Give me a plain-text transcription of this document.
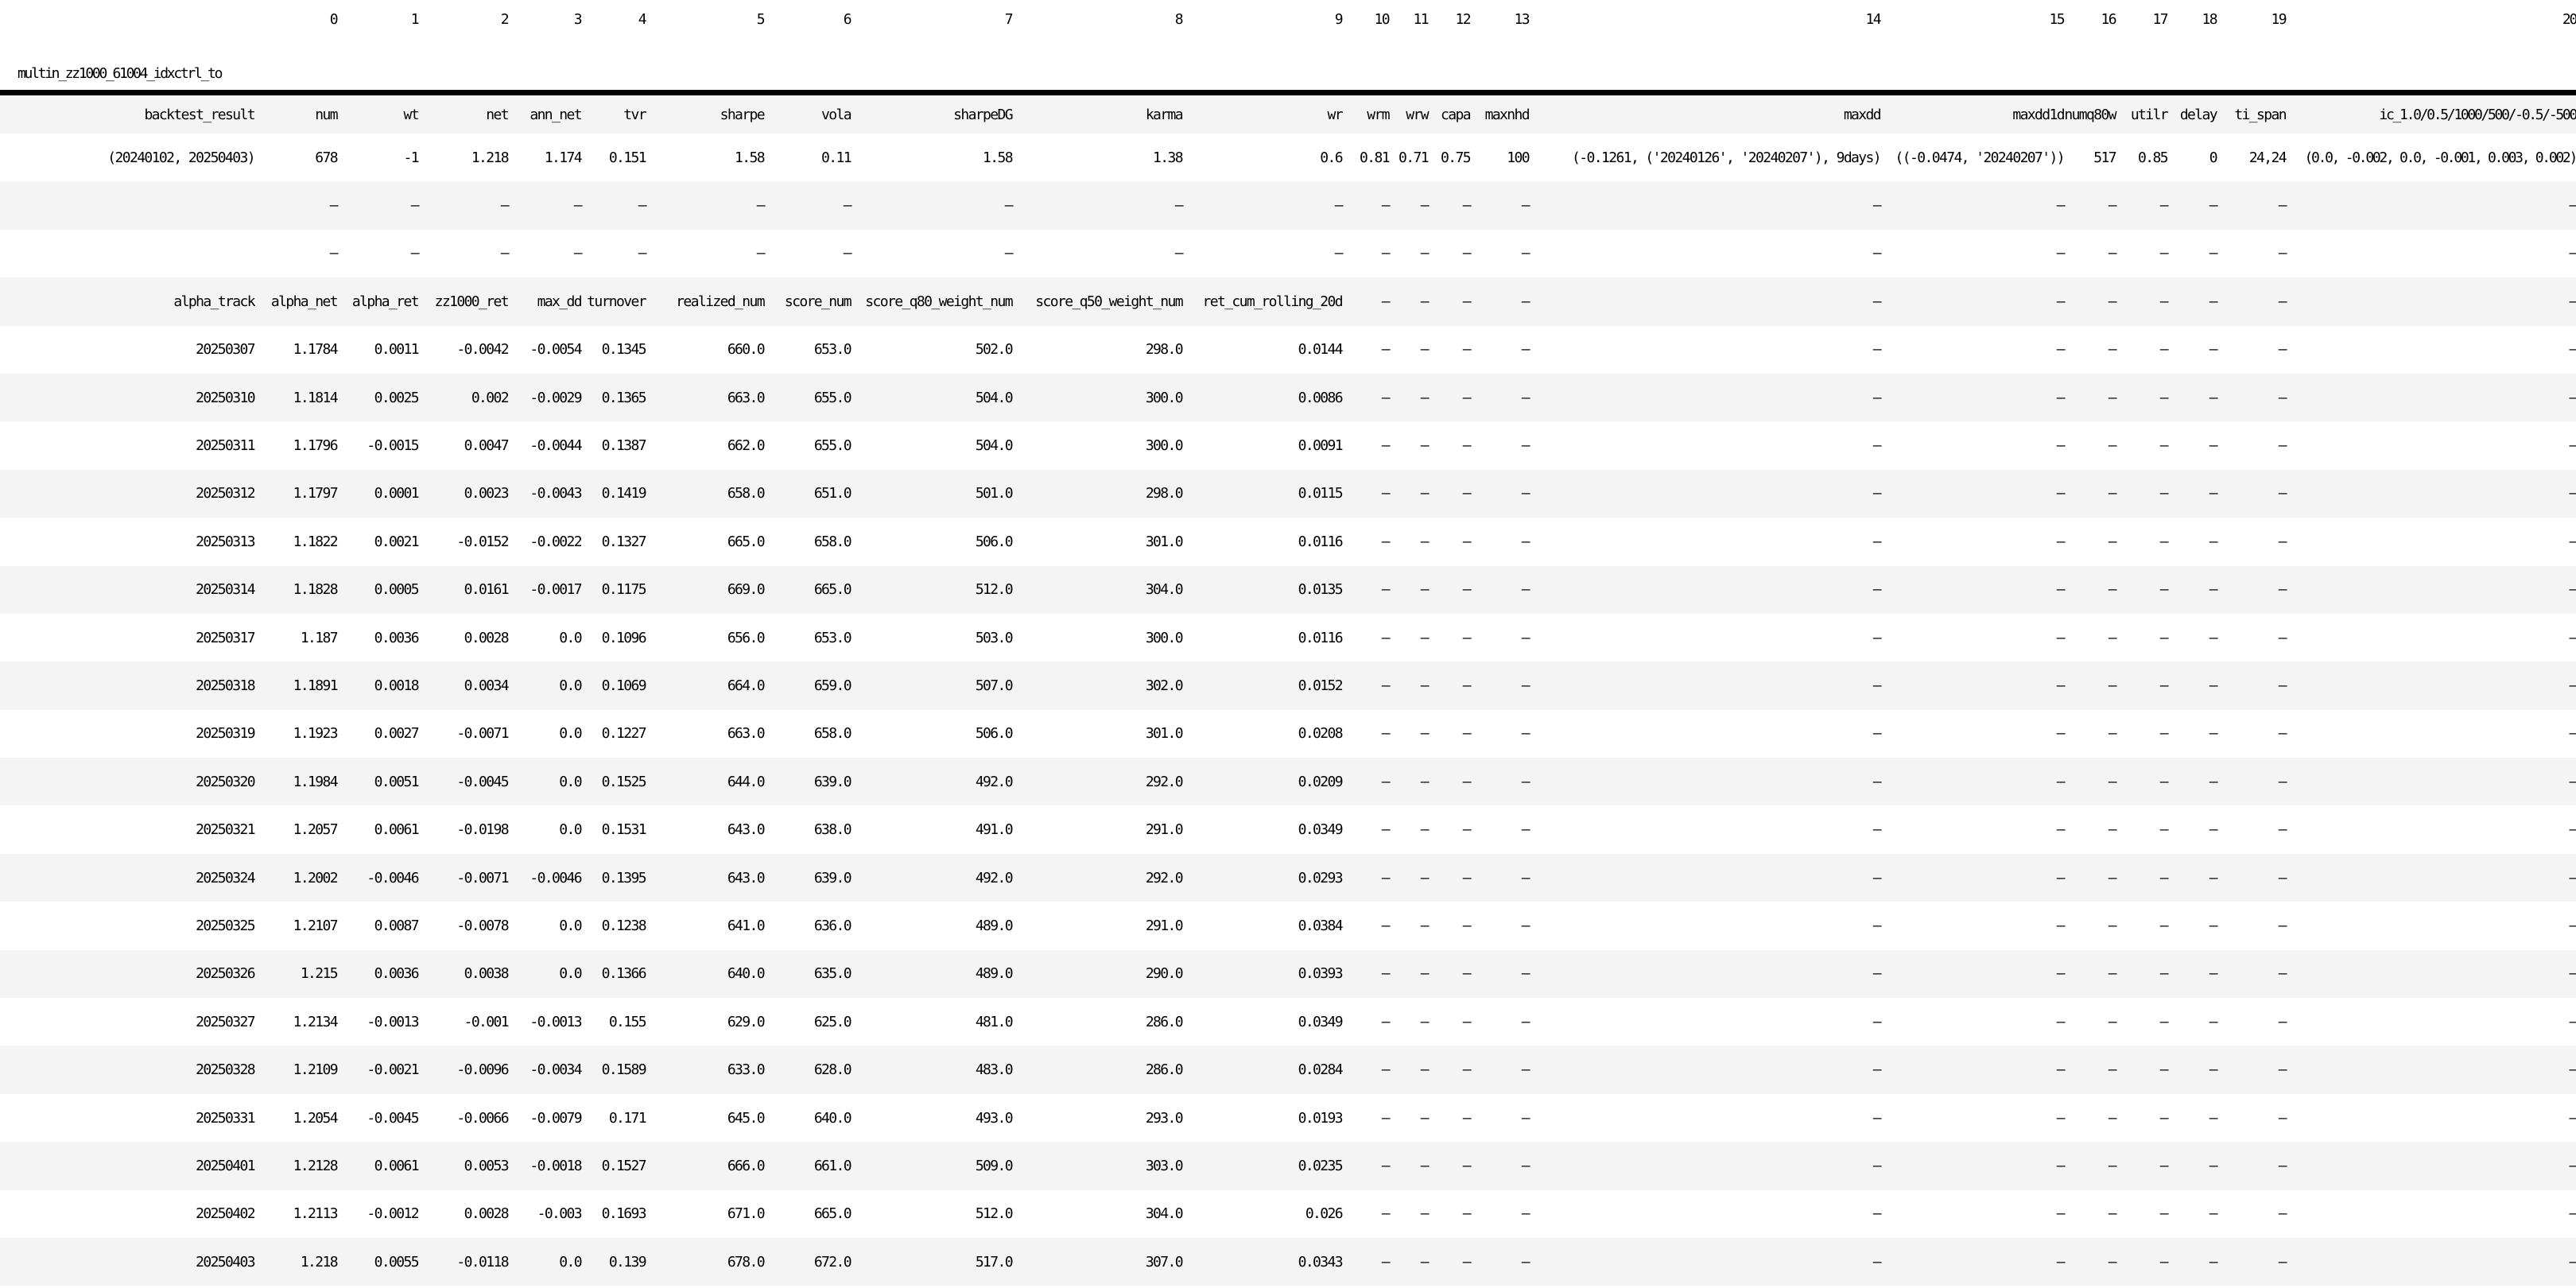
	0	1	2	3	4	5	6	7	8	9	10	11	12	13	14	15	16	17	18	19	20
multin_zz1000_61004_idxctrl_to																					

backtest_result	num	wt	net	ann_net	tvr	sharpe	vola	sharpeDG	karma	wr	wrm	wrw	capa	maxnhd	maxdd	maxdd1d	numq80w	utilr	delay	ti_span	ic_1.0/0.5/1000/500/-0.5/-500
(20240102, 20250403)	678	-1	1.218	1.174	0.151	1.58	0.11	1.58	1.38	0.6	0.81	0.71	0.75	100	(-0.1261, ('20240126', '20240207'), 9days)	((-0.0474, '20240207'))	517	0.85	0	24,24	(0.0, -0.002, 0.0, -0.001, 0.003, 0.002)
	—	—	—	—	—	—	—	—	—	—	—	—	—	—	—	—	—	—	—	—	—
	—	—	—	—	—	—	—	—	—	—	—	—	—	—	—	—	—	—	—	—	—
alpha_track	alpha_net	alpha_ret	zz1000_ret	max_dd	turnover	realized_num	score_num	score_q80_weight_num	score_q50_weight_num	ret_cum_rolling_20d	—	—	—	—	—	—	—	—	—	—	—
20250307	1.1784	0.0011	-0.0042	-0.0054	0.1345	660.0	653.0	502.0	298.0	0.0144	—	—	—	—	—	—	—	—	—	—	—
20250310	1.1814	0.0025	0.002	-0.0029	0.1365	663.0	655.0	504.0	300.0	0.0086	—	—	—	—	—	—	—	—	—	—	—
20250311	1.1796	-0.0015	0.0047	-0.0044	0.1387	662.0	655.0	504.0	300.0	0.0091	—	—	—	—	—	—	—	—	—	—	—
20250312	1.1797	0.0001	0.0023	-0.0043	0.1419	658.0	651.0	501.0	298.0	0.0115	—	—	—	—	—	—	—	—	—	—	—
20250313	1.1822	0.0021	-0.0152	-0.0022	0.1327	665.0	658.0	506.0	301.0	0.0116	—	—	—	—	—	—	—	—	—	—	—
20250314	1.1828	0.0005	0.0161	-0.0017	0.1175	669.0	665.0	512.0	304.0	0.0135	—	—	—	—	—	—	—	—	—	—	—
20250317	1.187	0.0036	0.0028	0.0	0.1096	656.0	653.0	503.0	300.0	0.0116	—	—	—	—	—	—	—	—	—	—	—
20250318	1.1891	0.0018	0.0034	0.0	0.1069	664.0	659.0	507.0	302.0	0.0152	—	—	—	—	—	—	—	—	—	—	—
20250319	1.1923	0.0027	-0.0071	0.0	0.1227	663.0	658.0	506.0	301.0	0.0208	—	—	—	—	—	—	—	—	—	—	—
20250320	1.1984	0.0051	-0.0045	0.0	0.1525	644.0	639.0	492.0	292.0	0.0209	—	—	—	—	—	—	—	—	—	—	—
20250321	1.2057	0.0061	-0.0198	0.0	0.1531	643.0	638.0	491.0	291.0	0.0349	—	—	—	—	—	—	—	—	—	—	—
20250324	1.2002	-0.0046	-0.0071	-0.0046	0.1395	643.0	639.0	492.0	292.0	0.0293	—	—	—	—	—	—	—	—	—	—	—
20250325	1.2107	0.0087	-0.0078	0.0	0.1238	641.0	636.0	489.0	291.0	0.0384	—	—	—	—	—	—	—	—	—	—	—
20250326	1.215	0.0036	0.0038	0.0	0.1366	640.0	635.0	489.0	290.0	0.0393	—	—	—	—	—	—	—	—	—	—	—
20250327	1.2134	-0.0013	-0.001	-0.0013	0.155	629.0	625.0	481.0	286.0	0.0349	—	—	—	—	—	—	—	—	—	—	—
20250328	1.2109	-0.0021	-0.0096	-0.0034	0.1589	633.0	628.0	483.0	286.0	0.0284	—	—	—	—	—	—	—	—	—	—	—
20250331	1.2054	-0.0045	-0.0066	-0.0079	0.171	645.0	640.0	493.0	293.0	0.0193	—	—	—	—	—	—	—	—	—	—	—
20250401	1.2128	0.0061	0.0053	-0.0018	0.1527	666.0	661.0	509.0	303.0	0.0235	—	—	—	—	—	—	—	—	—	—	—
20250402	1.2113	-0.0012	0.0028	-0.003	0.1693	671.0	665.0	512.0	304.0	0.026	—	—	—	—	—	—	—	—	—	—	—
20250403	1.218	0.0055	-0.0118	0.0	0.139	678.0	672.0	517.0	307.0	0.0343	—	—	—	—	—	—	—	—	—	—	—
